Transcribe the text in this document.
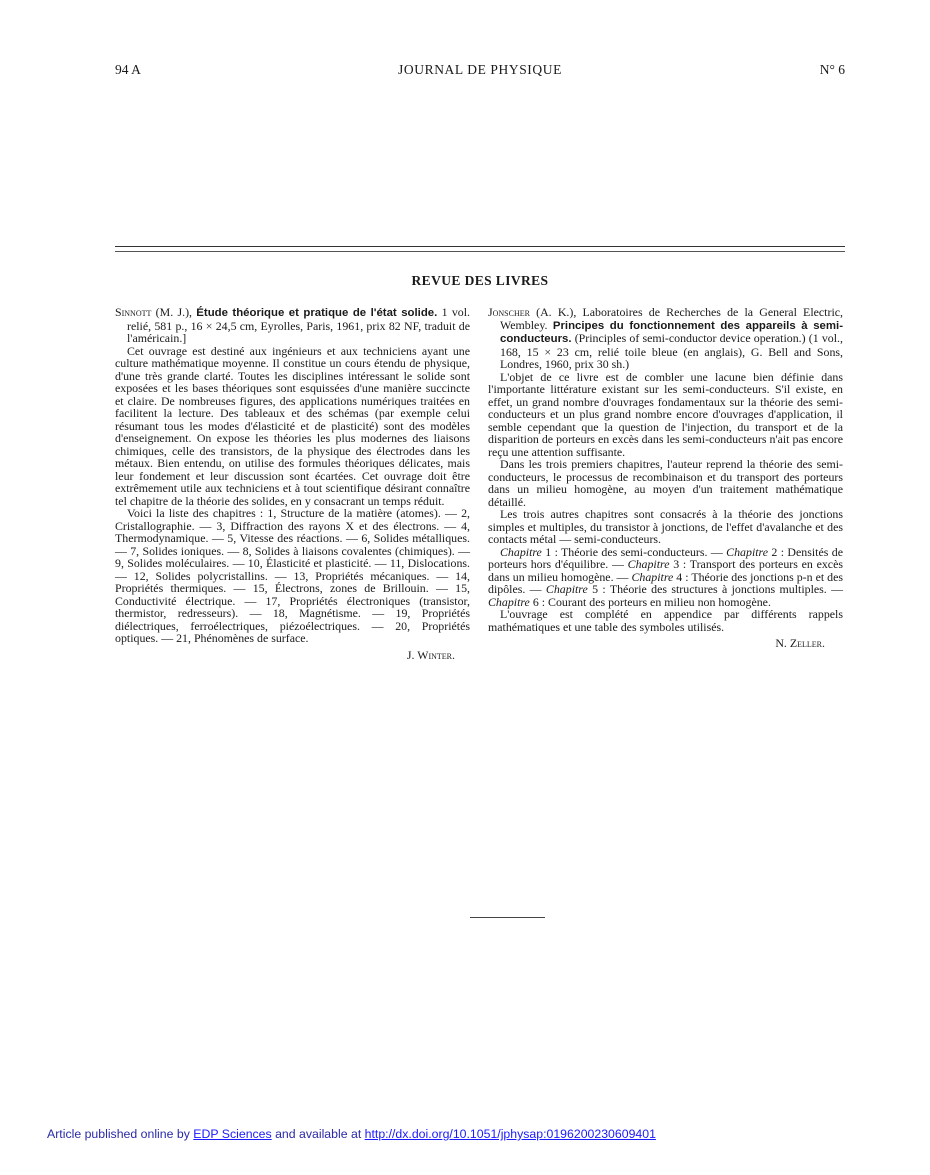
JOURNAL DE PHYSIQUE
94 A	N° 6
REVUE DES LIVRES

Sinnott (M. J.), Étude théorique et pratique de l'état solide. 1 vol. relié, 581 p., 16 × 24,5 cm, Eyrolles, Paris, 1961, prix 82 NF, traduit de l'américain.]

Cet ouvrage est destiné aux ingénieurs et aux techniciens ayant une culture mathématique moyenne. Il constitue un cours étendu de physique, d'une très grande clarté. Toutes les disciplines intéressant le solide sont exposées et les bases théoriques sont esquissées d'une manière succincte et claire. De nombreuses figures, des applications numériques traitées en facilitent la lecture. Des tableaux et des schémas (par exemple celui résumant tous les modes d'élasticité et de plasticité) sont des modèles d'enseignement. On expose les théories les plus modernes des liaisons chimiques, celle des transistors, de la physique des électrodes dans les métaux. Bien entendu, on utilise des formules théoriques délicates, mais leur fondement et leur discussion sont écartées. Cet ouvrage doit être extrêmement utile aux techniciens et à tout scientifique désirant connaître tel chapitre de la théorie des solides, en y consacrant un temps réduit.

Voici la liste des chapitres : 1, Structure de la matière (atomes). — 2, Cristallographie. — 3, Diffraction des rayons X et des électrons. — 4, Thermodynamique. — 5, Vitesse des réactions. — 6, Solides métalliques. — 7, Solides ioniques. — 8, Solides à liaisons covalentes (chimiques). — 9, Solides moléculaires. — 10, Élasticité et plasticité. — 11, Dislocations. — 12, Solides polycristallins. — 13, Propriétés mécaniques. — 14, Propriétés thermiques. — 15, Électrons, zones de Brillouin. — 15, Conductivité électrique. — 17, Propriétés électroniques (transistor, thermistor, redresseurs). — 18, Magnétisme. — 19, Propriétés diélectriques, ferroélectriques, piézoélectriques. — 20, Propriétés optiques. — 21, Phénomènes de surface.

J. Winter.

Jonscher (A. K.), Laboratoires de Recherches de la General Electric, Wembley. Principes du fonctionnement des appareils à semi-conducteurs. (Principles of semi-conductor device operation.) (1 vol., 168, 15 × 23 cm, relié toile bleue (en anglais), G. Bell and Sons, Londres, 1960, prix 30 sh.)

L'objet de ce livre est de combler une lacune bien définie dans l'importante littérature existant sur les semi-conducteurs. S'il existe, en effet, un grand nombre d'ouvrages fondamentaux sur la théorie des semi-conducteurs et un plus grand nombre encore d'ouvrages d'application, il semble cependant que la question de l'injection, du transport et de la disparition de porteurs en excès dans les semi-conducteurs n'ait pas encore reçu une attention suffisante.

Dans les trois premiers chapitres, l'auteur reprend la théorie des semi-conducteurs, le processus de recombinaison et du transport des porteurs dans un milieu homogène, au moyen d'un traitement mathématique détaillé.

Les trois autres chapitres sont consacrés à la théorie des jonctions simples et multiples, du transistor à jonctions, de l'effet d'avalanche et des contacts métal — semi-conducteurs.

Chapitre 1 : Théorie des semi-conducteurs. — Chapitre 2 : Densités de porteurs hors d'équilibre. — Chapitre 3 : Transport des porteurs en excès dans un milieu homogène. — Chapitre 4 : Théorie des jonctions p-n et des dipôles. — Chapitre 5 : Théorie des structures à jonctions multiples. — Chapitre 6 : Courant des porteurs en milieu non homogène.

L'ouvrage est complété en appendice par différents rappels mathématiques et une table des symboles utilisés.

N. Zeller.

Article published online by EDP Sciences and available at http://dx.doi.org/10.1051/jphysap:0196200230609401
